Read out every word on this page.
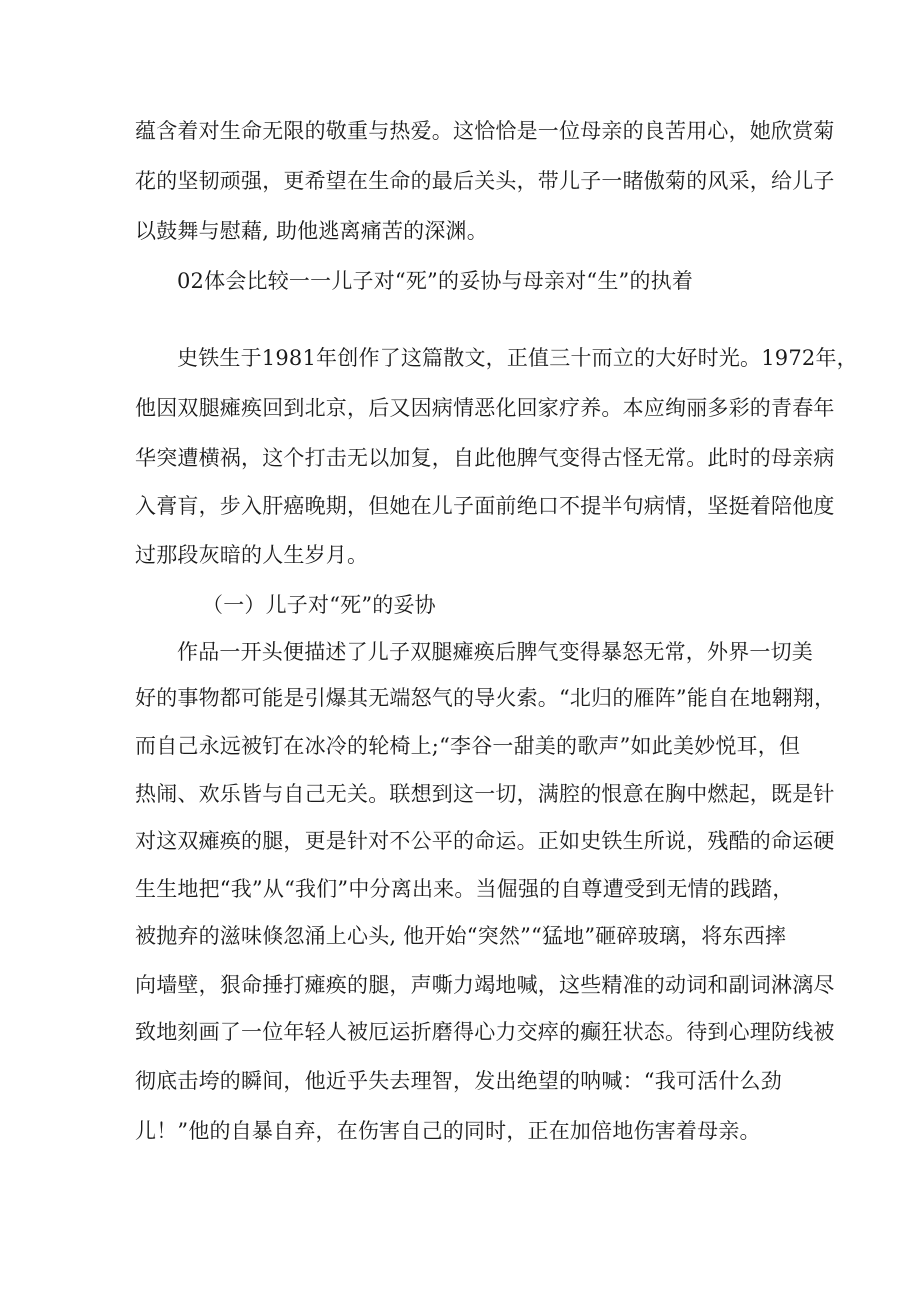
蕴含着对生命无限的敬重与热爱。这恰恰是一位母亲的良苦用心，她欣赏菊
花的坚韧顽强，更希望在生命的最后关头，带儿子一睹傲菊的风采，给儿子
以鼓舞与慰藉, 助他逃离痛苦的深渊。
02体会比较一一儿子对“死”的妥协与母亲对“生”的执着
史铁生于1981年创作了这篇散文，正值三十而立的大好时光。1972年，
他因双腿瘫痪回到北京，后又因病情恶化回家疗养。本应绚丽多彩的青春年
华突遭横祸，这个打击无以加复，自此他脾气变得古怪无常。此时的母亲病
入膏肓，步入肝癌晚期，但她在儿子面前绝口不提半句病情，坚挺着陪他度
过那段灰暗的人生岁月。
（一）儿子对“死”的妥协
作品一开头便描述了儿子双腿瘫痪后脾气变得暴怒无常，外界一切美
好的事物都可能是引爆其无端怒气的导火索。“北归的雁阵”能自在地翱翔，
而自己永远被钉在冰冷的轮椅上;“李谷一甜美的歌声”如此美妙悦耳，但
热闹、欢乐皆与自己无关。联想到这一切，满腔的恨意在胸中燃起，既是针
对这双瘫痪的腿，更是针对不公平的命运。正如史铁生所说，残酷的命运硬
生生地把“我”从“我们”中分离出来。当倔强的自尊遭受到无情的践踏，
被抛弃的滋味倏忽涌上心头, 他开始“突然”“猛地”砸碎玻璃，将东西摔
向墙壁，狠命捶打瘫痪的腿，声嘶力竭地喊，这些精准的动词和副词淋漓尽
致地刻画了一位年轻人被厄运折磨得心力交瘁的癫狂状态。待到心理防线被
彻底击垮的瞬间，他近乎失去理智，发出绝望的呐喊：“我可活什么劲
儿！”他的自暴自弃，在伤害自己的同时，正在加倍地伤害着母亲。
